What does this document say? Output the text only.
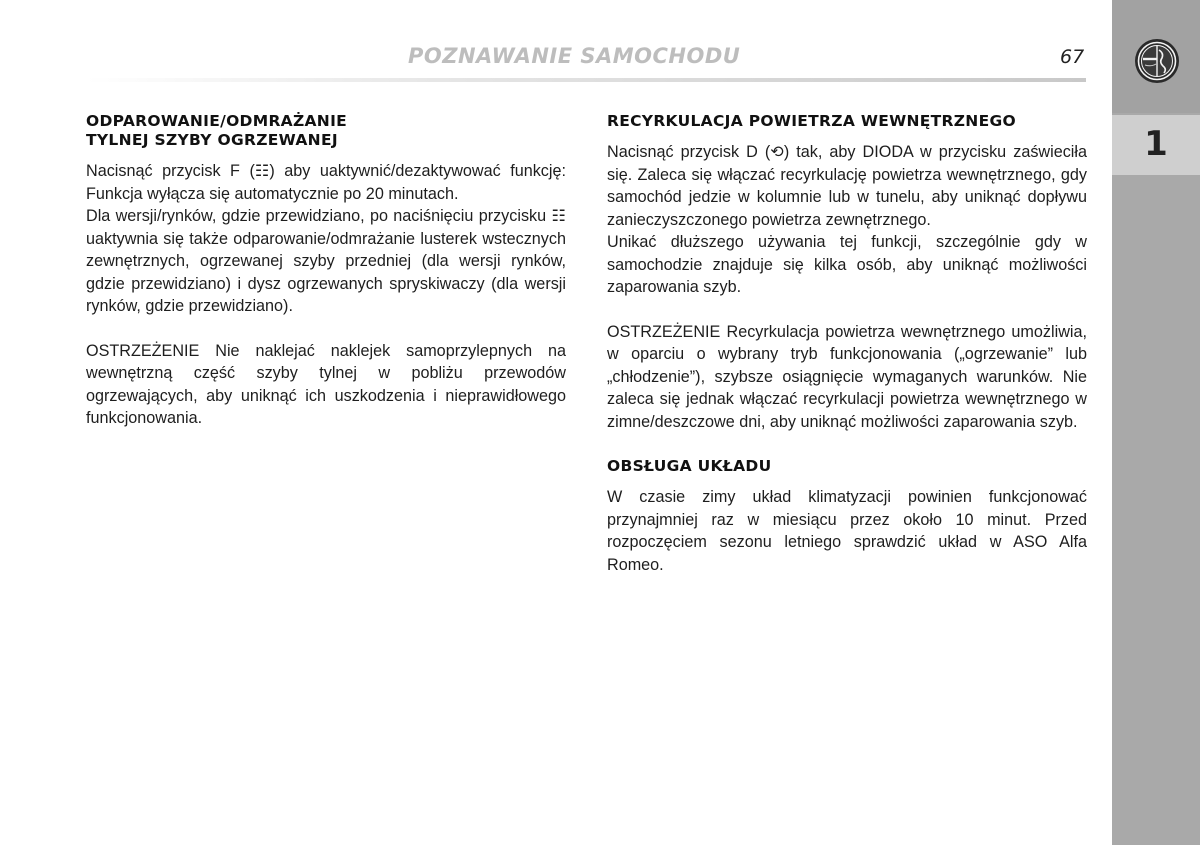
POZNAWANIE SAMOCHODU	67
1
ODPAROWANIE/ODMRAŻANIE
TYLNEJ SZYBY OGRZEWANEJ

Nacisnąć przycisk F (☷) aby uaktywnić/dezaktywować funkcję: Funkcja wyłącza się automatycznie po 20 minutach.

Dla wersji/rynków, gdzie przewidziano, po naciśnięciu przycisku ☷ uaktywnia się także odparowanie/odmrażanie lusterek wstecznych zewnętrznych, ogrzewanej szyby przedniej (dla wersji rynków, gdzie przewidziano) i dysz ogrzewanych spryskiwaczy (dla wersji rynków, gdzie przewidziano).

OSTRZEŻENIE Nie naklejać naklejek samoprzylepnych na wewnętrzną część szyby tylnej w pobliżu przewodów ogrzewających, aby uniknąć ich uszkodzenia i nieprawidłowego funkcjonowania.

RECYRKULACJA POWIETRZA WEWNĘTRZNEGO

Nacisnąć przycisk D (⟲) tak, aby DIODA w przycisku zaświeciła się. Zaleca się włączać recyrkulację powietrza wewnętrznego, gdy samochód jedzie w kolumnie lub w tunelu, aby uniknąć dopływu zanieczyszczonego powietrza zewnętrznego.

Unikać dłuższego używania tej funkcji, szczególnie gdy w samochodzie znajduje się kilka osób, aby uniknąć możliwości zaparowania szyb.

OSTRZEŻENIE Recyrkulacja powietrza wewnętrznego umożliwia, w oparciu o wybrany tryb funkcjonowania („ogrzewanie” lub „chłodzenie”), szybsze osiągnięcie wymaganych warunków. Nie zaleca się jednak włączać recyrkulacji powietrza wewnętrznego w zimne/deszczowe dni, aby uniknąć możliwości zaparowania szyb.

OBSŁUGA UKŁADU

W czasie zimy układ klimatyzacji powinien funkcjonować przynajmniej raz w miesiącu przez około 10 minut. Przed rozpoczęciem sezonu letniego sprawdzić układ w ASO Alfa Romeo.
